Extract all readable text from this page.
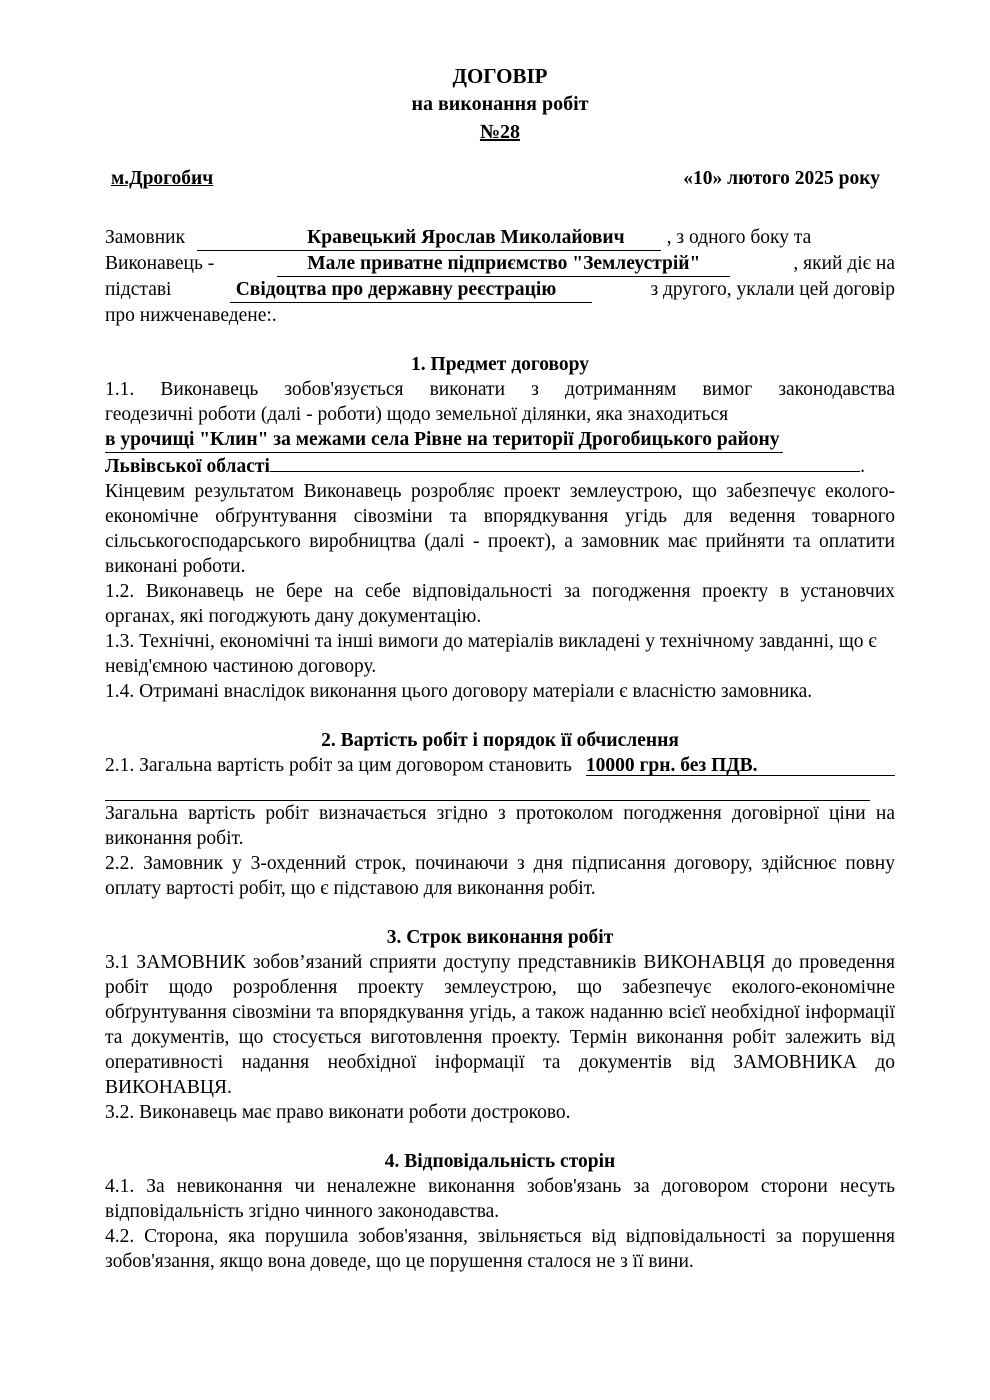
ДОГОВІР
на виконання робіт
№28
м.Дрогобич	«10» лютого 2025 року
Замовник	Кравецький Ярослав Миколайович	, з одного боку та
Виконавець -	Мале приватне підприємство "Землеустрій"	, який діє на
підставі	Свідоцтва про державну реєстрацію	з другого, уклали цей договір
про нижченаведене:.
1. Предмет договору
1.1. Виконавець зобов'язується виконати з дотриманням вимог законодавства
геодезичні роботи (далі - роботи) щодо земельної ділянки, яка знаходиться
в урочищі "Клин" за межами села Рівне на території Дрогобицького району
Львівської області	.
Кінцевим результатом Виконавець розробляє проект землеустрою, що забезпечує еколого-економічне обґрунтування сівозміни та впорядкування угідь для ведення товарного сільськогосподарського виробництва (далі - проект), а замовник має прийняти та оплатити виконані роботи.
1.2. Виконавець не бере на себе відповідальності за погодження проекту в установчих органах, які погоджують дану документацію.
1.3. Технічні, економічні та інші вимоги до матеріалів викладені у технічному завданні, що є невід'ємною частиною договору.
1.4. Отримані внаслідок виконання цього договору матеріали є власністю замовника.
2. Вартість робіт і порядок її обчислення
2.1. Загальна вартість робіт за цим договором становить 10000 грн. без ПДВ.
Загальна вартість робіт визначається згідно з протоколом погодження договірної ціни на виконання робіт.
2.2. Замовник у 3-охденний строк, починаючи з дня підписання договору, здійснює повну оплату вартості робіт, що є підставою для виконання робіт.
3. Строк виконання робіт
3.1 ЗАМОВНИК зобов’язаний сприяти доступу представників ВИКОНАВЦЯ до проведення робіт щодо розроблення проекту землеустрою, що забезпечує еколого-економічне обґрунтування сівозміни та впорядкування угідь, а також наданню всієї необхідної інформації та документів, що стосується виготовлення проекту. Термін виконання робіт залежить від оперативності надання необхідної інформації та документів від ЗАМОВНИКА до ВИКОНАВЦЯ.
3.2. Виконавець має право виконати роботи достроково.
4. Відповідальність сторін
4.1. За невиконання чи неналежне виконання зобов'язань за договором сторони несуть відповідальність згідно чинного законодавства.
4.2. Сторона, яка порушила зобов'язання, звільняється від відповідальності за порушення зобов'язання, якщо вона доведе, що це порушення сталося не з її вини.
